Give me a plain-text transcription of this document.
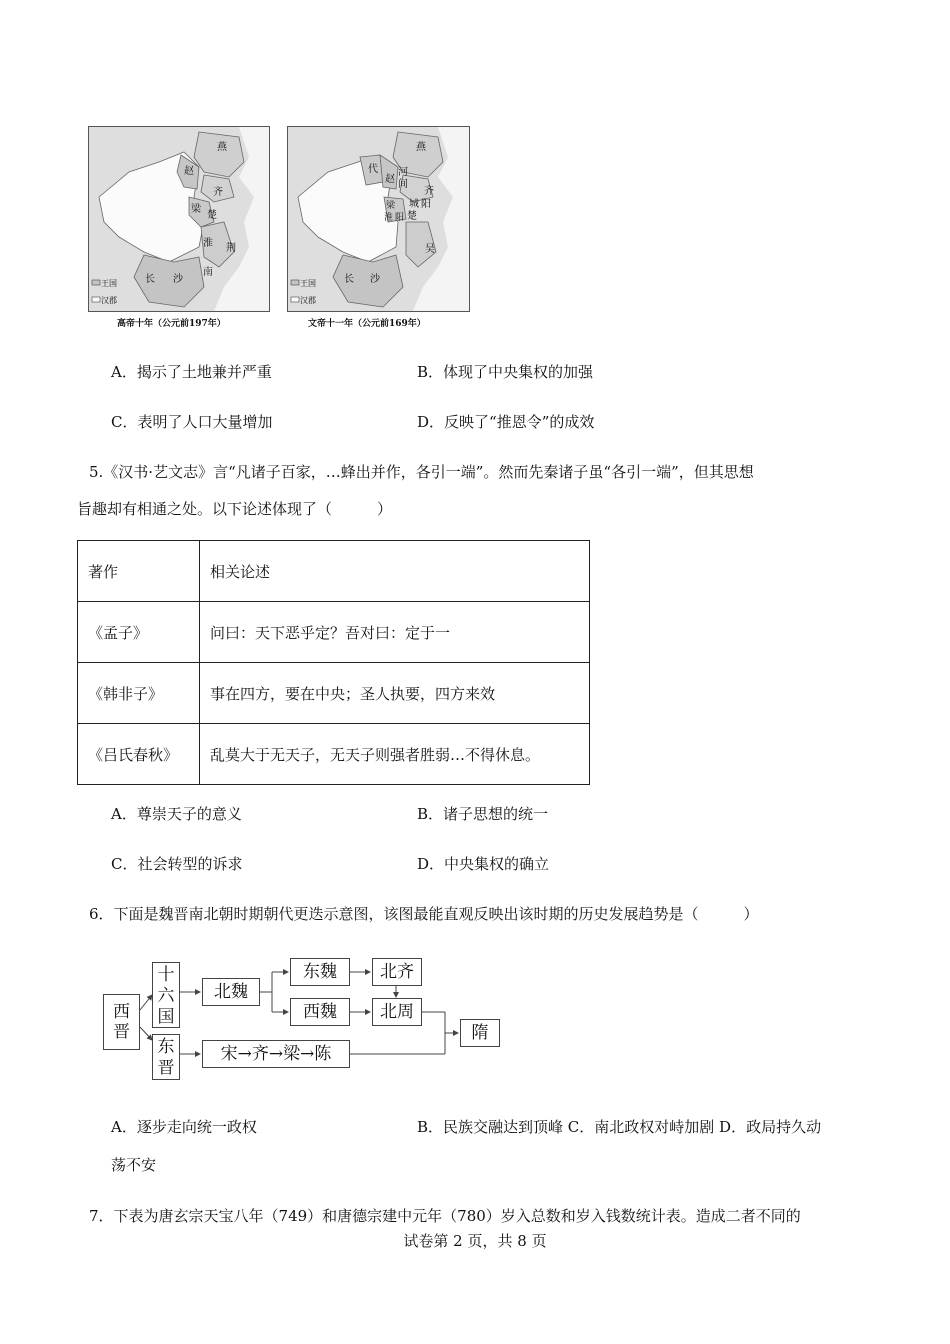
燕
赵
齐
梁
楚
淮
南
荆
长 沙
王国
汉郡
高帝十年（公元前197年）
燕
代
赵
河
间
齐
城 阳
梁
淮 阳 楚
吴
长 沙
王国
汉郡
文帝十一年（公元前169年）
A．揭示了土地兼并严重	B．体现了中央集权的加强
C．表明了人口大量增加	D．反映了“推恩令”的成效
5.《汉书·艺文志》言“凡诸子百家，…蜂出并作，各引一端”。然而先秦诸子虽“各引一端”，但其思想
旨趣却有相通之处。以下论述体现了（　　　）
著作	相关论述
《孟子》	问曰：天下恶乎定？吾对曰：定于一
《韩非子》	事在四方，要在中央；圣人执要，四方来效
《吕氏春秋》	乱莫大于无天子，无天子则强者胜弱…不得休息。
A．尊崇天子的意义	B．诸子思想的统一
C．社会转型的诉求	D．中央集权的确立
6．下面是魏晋南北朝时期朝代更迭示意图，该图最能直观反映出该时期的历史发展趋势是（　　　）
西
晋
十
六
国
东
晋
北魏
东魏
西魏
北齐
北周
隋
宋→齐→梁→陈
A．逐步走向统一政权	B．民族交融达到顶峰 C．南北政权对峙加剧 D．政局持久动
荡不安
7．下表为唐玄宗天宝八年（749）和唐德宗建中元年（780）岁入总数和岁入钱数统计表。造成二者不同的
试卷第 2 页，共 8 页
